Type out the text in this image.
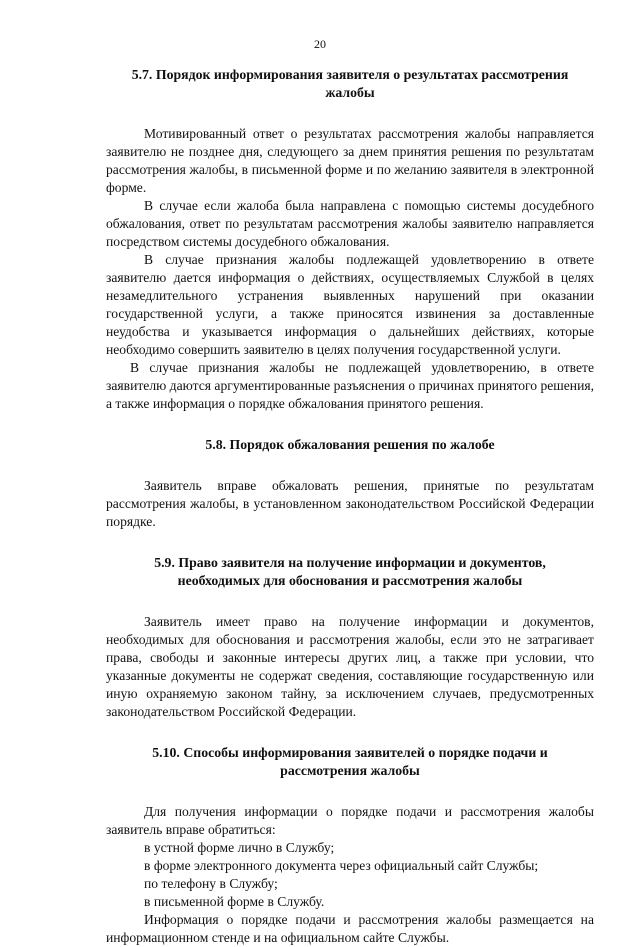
20
5.7. Порядок информирования заявителя о результатах рассмотрения жалобы

Мотивированный ответ о результатах рассмотрения жалобы направляется заявителю не позднее дня, следующего за днем принятия решения по результатам рассмотрения жалобы, в письменной форме и по желанию заявителя в электронной форме.

В случае если жалоба была направлена с помощью системы досудебного обжалования, ответ по результатам рассмотрения жалобы заявителю направляется посредством системы досудебного обжалования.

В случае признания жалобы подлежащей удовлетворению в ответе заявителю дается информация о действиях, осуществляемых Службой в целях незамедлительного устранения выявленных нарушений при оказании государственной услуги, а также приносятся извинения за доставленные неудобства и указывается информация о дальнейших действиях, которые необходимо совершить заявителю в целях получения государственной услуги.

В случае признания жалобы не подлежащей удовлетворению, в ответе заявителю даются аргументированные разъяснения о причинах принятого решения, а также информация о порядке обжалования принятого решения.

5.8. Порядок обжалования решения по жалобе

Заявитель вправе обжаловать решения, принятые по результатам рассмотрения жалобы, в установленном законодательством Российской Федерации порядке.

5.9. Право заявителя на получение информации и документов, необходимых для обоснования и рассмотрения жалобы

Заявитель имеет право на получение информации и документов, необходимых для обоснования и рассмотрения жалобы, если это не затрагивает права, свободы и законные интересы других лиц, а также при условии, что указанные документы не содержат сведения, составляющие государственную или иную охраняемую законом тайну, за исключением случаев, предусмотренных законодательством Российской Федерации.

5.10. Способы информирования заявителей о порядке подачи и рассмотрения жалобы

Для получения информации о порядке подачи и рассмотрения жалобы заявитель вправе обратиться:

в устной форме лично в Службу;
в форме электронного документа через официальный сайт Службы;
по телефону в Службу;
в письменной форме в Службу.

Информация о порядке подачи и рассмотрения жалобы размещается на информационном стенде и на официальном сайте Службы.
